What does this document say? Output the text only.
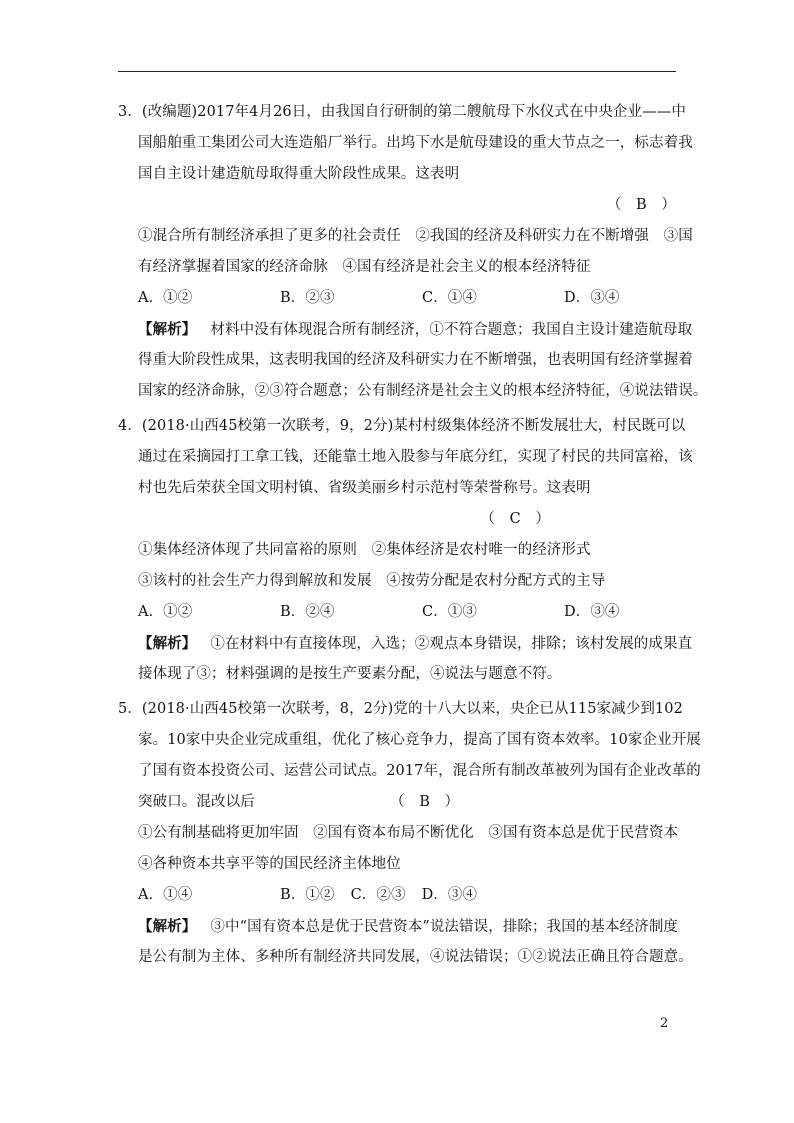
3．(改编题)2017年4月26日，由我国自行研制的第二艘航母下水仪式在中央企业——中
国船舶重工集团公司大连造船厂举行。出坞下水是航母建设的重大节点之一，标志着我
国自主设计建造航母取得重大阶段性成果。这表明
（　B　）
①混合所有制经济承担了更多的社会责任　②我国的经济及科研实力在不断增强　③国
有经济掌握着国家的经济命脉　④国有经济是社会主义的根本经济特征
A．①②	B．②③	C．①④	D．③④
【解析】 材料中没有体现混合所有制经济，①不符合题意；我国自主设计建造航母取
得重大阶段性成果，这表明我国的经济及科研实力在不断增强，也表明国有经济掌握着
国家的经济命脉，②③符合题意；公有制经济是社会主义的根本经济特征，④说法错误。
4．(2018·山西45校第一次联考，9，2分)某村村级集体经济不断发展壮大，村民既可以
通过在采摘园打工拿工钱，还能靠土地入股参与年底分红，实现了村民的共同富裕，该
村也先后荣获全国文明村镇、省级美丽乡村示范村等荣誉称号。这表明
（　C　）
①集体经济体现了共同富裕的原则　②集体经济是农村唯一的经济形式
③该村的社会生产力得到解放和发展　④按劳分配是农村分配方式的主导
A．①②	B．②④	C．①③	D．③④
【解析】 ①在材料中有直接体现，入选；②观点本身错误，排除；该村发展的成果直
接体现了③；材料强调的是按生产要素分配，④说法与题意不符。
5．(2018·山西45校第一次联考，8，2分)党的十八大以来，央企已从115家减少到102
家。10家中央企业完成重组，优化了核心竞争力，提高了国有资本效率。10家企业开展
了国有资本投资公司、运营公司试点。2017年，混合所有制改革被列为国有企业改革的
突破口。混改以后	（　B　）
①公有制基础将更加牢固　②国有资本布局不断优化　③国有资本总是优于民营资本
④各种资本共享平等的国民经济主体地位
A．①④	B．①② C．②③ D．③④
【解析】 ③中“国有资本总是优于民营资本”说法错误，排除；我国的基本经济制度
是公有制为主体、多种所有制经济共同发展，④说法错误；①②说法正确且符合题意。
2
